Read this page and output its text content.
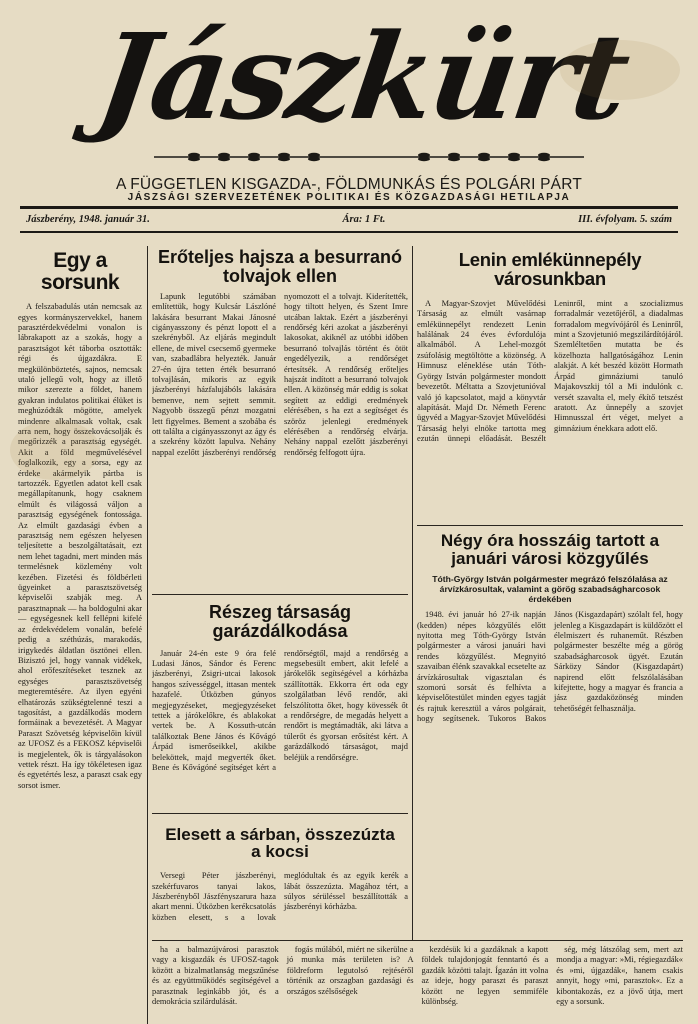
Jászkürt
A FÜGGETLEN KISGAZDA-, FÖLDMUNKÁS ÉS POLGÁRI PÁRT
JÁSZSÁGI SZERVEZETÉNEK POLITIKAI ÉS KÖZGAZDASÁGI HETILAPJA
Jászberény, 1948. január 31.	Ára: 1 Ft.	III. évfolyam. 5. szám
Egy a sorsunk

A felszabadulás után nemcsak az egyes kormányszervekkel, hanem parasztérdekvédelmi vonalon is lábrakapott az a szokás, hogy a parasztságot két táborba osztották: régi és újgazdákra. E megkülönböztetés, sajnos, nemcsak utaló jellegű volt, hogy az illető mikor szerezte a földet, hanem gyakran indulatos politikai élüket is meghúzódták mögötte, amelyek mindenre alkalmasak voltak, csak arra nem, hogy összekovácsolják és megőrizzék a parasztság egységét. Akit a föld megművelésével foglalkozik, egy a sorsa, egy az érdeke akármelyik pártba is tartozzék. Egyetlen adatot kell csak megállapítanunk, hogy csaknem elmúlt és világossá váljon a parasztság egységének fontossága. Az elmúlt gazdasági évben a parasztság nem egészen helyesen teljesítette a beszolgáltatásait, ezt nem lehet tagadni, mert minden más termelésnek közlemény volt kezében. Fizetési és földbérleti ügyeinket a parasztszövetség képviselői szabják meg. A parasztnapnak — ha boldogulni akar — egységesnek kell fellépni kifelé az érdekvédelem vonalán, befelé pedig a széthúzás, marakodás, irigykedés áldatlan ösztönei ellen. Bizisztó jel, hogy vannak vidékek, ahol erőfeszítéseket tesznek az egységes parasztszövetség megteremtésére. Az ilyen egyéni elhatározás szükségtelenné teszi a tagosítást, a gazdálkodás modern formáinak a bevezetését. A Magyar Paraszt Szövetség képviselőin kívül az UFOSZ és a FEKOSZ képviselői is megjelentek, ők is tárgyalásokon vettek részt. Ha így tökéletesen igaz és egyetértés lesz, a paraszt csak egy sorsot ismer.

Erőteljes hajsza a besurranó tolvajok ellen

Lapunk legutóbbi számában említettük, hogy Kulcsár Lászlóné lakására besurrant Makai Jánosné cigányasszony és pénzt lopott el a szekrényből. Az eljárás megindult ellene, de mivel csecsemő gyermeke van, szabadlábra helyezték. Január 27-én újra tetten érték besurranó tolvajlásán, mikoris az egyik jászberényi házfalujábóls lakására bemenve, nem sejtett semmit. Nagyobb összegű pénzt mozgatni lett figyelmes. Bement a szobába és ott találta a cigányasszonyt az ágy és a szekrény között lapulva. Nehány nappal ezelőtt jászberényi rendőrség nyomozott el a tolvajt. Kiderítették, hogy tiltott helyen, és Szent Imre utcában laktak. Ezért a jászberényi rendőrség kéri azokat a jászberényi lakosokat, akiknél az utóbbi időben besurranó tolvajlás történt és ötöt engedélyezik, a rendőrséget értesítsék. A rendőrség erőteljes hajszát indított a besurranó tolvajok ellen. A közönség már eddig is sokat segített az eddigi eredmények elérésében, s ha ezt a segítséget és szöröz jelenlegi eredmények elérésében a rendőrség elvárja. Nehány nappal ezelőtt jászberényi rendőrség felfogott újra.

Részeg társaság garázdálkodása

Január 24-én este 9 óra felé Ludasi János, Sándor és Ferenc jászberényi, Zsigri-utcai lakosok hangos szívességgel, ittasan mentek hazafelé. Útközben gúnyos megjegyzéseket, megjegyzéseket tettek a járókelőkre, és ablakokat vertek be. A Kossuth-utcán találkoztak Bene János és Kővágó Árpád ismerőseikkel, akikbe beleköttek, majd megverték őket. Bene és Kővágóné segítséget kért a rendőrségtől, majd a rendőrség a megsebesült embert, akit lefelé a járókelők segítségével a kórházba szállították. Ekkorra ért oda egy szolgálatban lévő rendőr, aki felszólította őket, hogy kövessék őt a rendőrségre, de megadás helyett a rendőrt is megtámadták, aki látva a túlerőt és gyorsan erősítést kért. A garázdálkodó társaságot, majd beléjük a rendőrségre.

Elesett a sárban, összezúzta a kocsi

Versegi Péter jászberényi, szekérfuvaros tanyai lakos, Jászberényből Jászfényszarura haza akart menni. Útközben kerékcsatolás közben elesett, s a lovak meglódultak és az egyik kerék a lábát összezúzta. Magához tért, a súlyos sérüléssel beszállították a jászberényi kórházba.

Lenin emlékünnepély városunkban

A Magyar-Szovjet Művelődési Társaság az elmúlt vasárnap emlékünnepélyt rendezett Lenin halálának 24 éves évfordulója alkalmából. A Lehel-mozgót zsúfolásig megtöltötte a közönség. A Himnusz eléneklése után Tóth-György István polgármester mondott bevezetőt. Méltatta a Szovjetunióval való jó kapcsolatot, majd a könyvtár alapítását. Majd Dr. Németh Ferenc ügyvéd a Magyar-Szovjet Művelődési Társaság helyi elnöke tartotta meg ezután ünnepi előadását. Beszélt Leninről, mint a szocializmus forradalmár vezetőjéről, a diadalmas forradalom megvívójáról és Leninről, mint a Szovjetunió megszilárdítójáról. Szemléltetően mutatta be és közelhozta hallgatóságához Lenin alakját. A két beszéd között Hormath Árpád gimnáziumi tanuló Majakovszkij tól a Mi indulónk c. versét szavalta el, mely ékítő tetszést aratott. Az ünnepély a szovjet Himnusszal ért véget, melyet a gimnázium énekkara adott elő.

Négy óra hosszáig tartott a januári városi közgyűlés
Tóth-György István polgármester megrázó felszólalása az árvízkárosultak, valamint a görög szabadságharcosok érdekében

1948. évi január hó 27-ik napján (kedden) népes közgyűlés előtt nyitotta meg Tóth-György István polgármester a városi januári havi rendes közgyűlést. Megnyitó szavaiban élénk szavakkal ecsetelte az árvízkárosultak vigasztalan és szomorú sorsát és felhívta a képviselőtestület minden egyes tagját és rajtuk keresztül a város polgárait, hogy segítsenek. Tukoros Bakos János (Kisgazdapárt) szólalt fel, hogy jelenleg a Kisgazdapárt is küldőzött el élelmiszert és ruhaneműt. Részben polgármester beszélte még a görög szabadságharcosok ügyét. Ezután Sárközy Sándor (Kisgazdapárt) napirend előtt felszólalásában kifejtette, hogy a magyar és francia a jász gazdaközönség minden tehetőségét felhasználja.

ha a balmazújvárosi parasztok vagy a kisgazdák és UFOSZ-tagok között a bizalmatlanság megszűnése és az együttműködés segítségével a parasztnak leginkább jót, és a demokrácia szilárdulását.

fogás múlából, miért ne sikerülne a jó munka más területen is? A földreform legutolsó rejtéséről történik az orszagban gazdasági és országos szélsőségek

kezdésük ki a gazdáknak a kapott földek tulajdonjogát fenntartó és a gazdák közötti talajt. Ígazán itt volna az ideje, hogy paraszt és paraszt között ne legyen semmiféle különbség.

ség, még látszólag sem, mert azt mondja a magyar: »Mi, régiegazdák« és »mi, újgazdák«, hanem csakis annyit, hogy »mi, parasztok«. Ez a kibontakozás, ez a jövő útja, mert egy a sorsunk.
